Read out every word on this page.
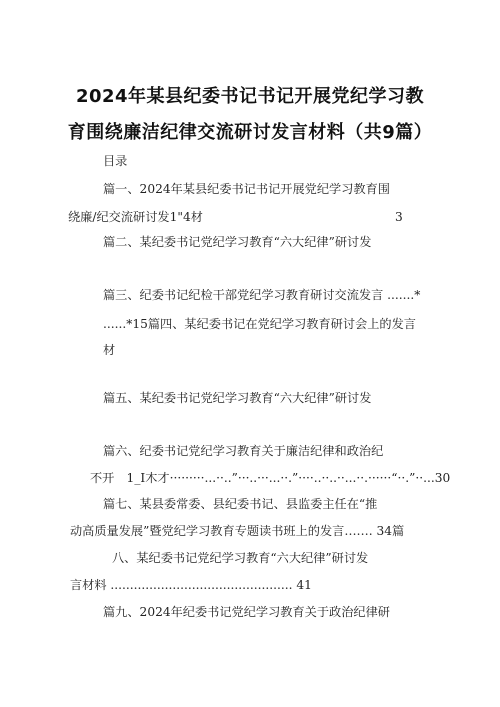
2024年某县纪委书记书记开展党纪学习教
育围绕廉洁纪律交流研讨发言材料（共9篇）
目录
篇一、2024年某县纪委书记书记开展党纪学习教育围
绕廉/纪交流研讨发1"4材	3
篇二、某纪委书记党纪学习教育“六大纪律”研讨发
篇三、纪委书记纪检干部党纪学习教育研讨交流发言 .......*
......*15篇四、某纪委书记在党纪学习教育研讨会上的发言
材
篇五、某纪委书记党纪学习教育“六大纪律”研讨发
篇六、纪委书记党纪学习教育关于廉洁纪律和政治纪
不开　1_I木才·········...··..”···..···...··.”····..··..··...··.······“··.”··...30
篇七、某县委常委、县纪委书记、县监委主任在“推
动高质量发展”暨党纪学习教育专题读书班上的发言……. 34篇
八、某纪委书记党纪学习教育“六大纪律”研讨发
言材料 ............................................... 41
篇九、2024年纪委书记党纪学习教育关于政治纪律研
